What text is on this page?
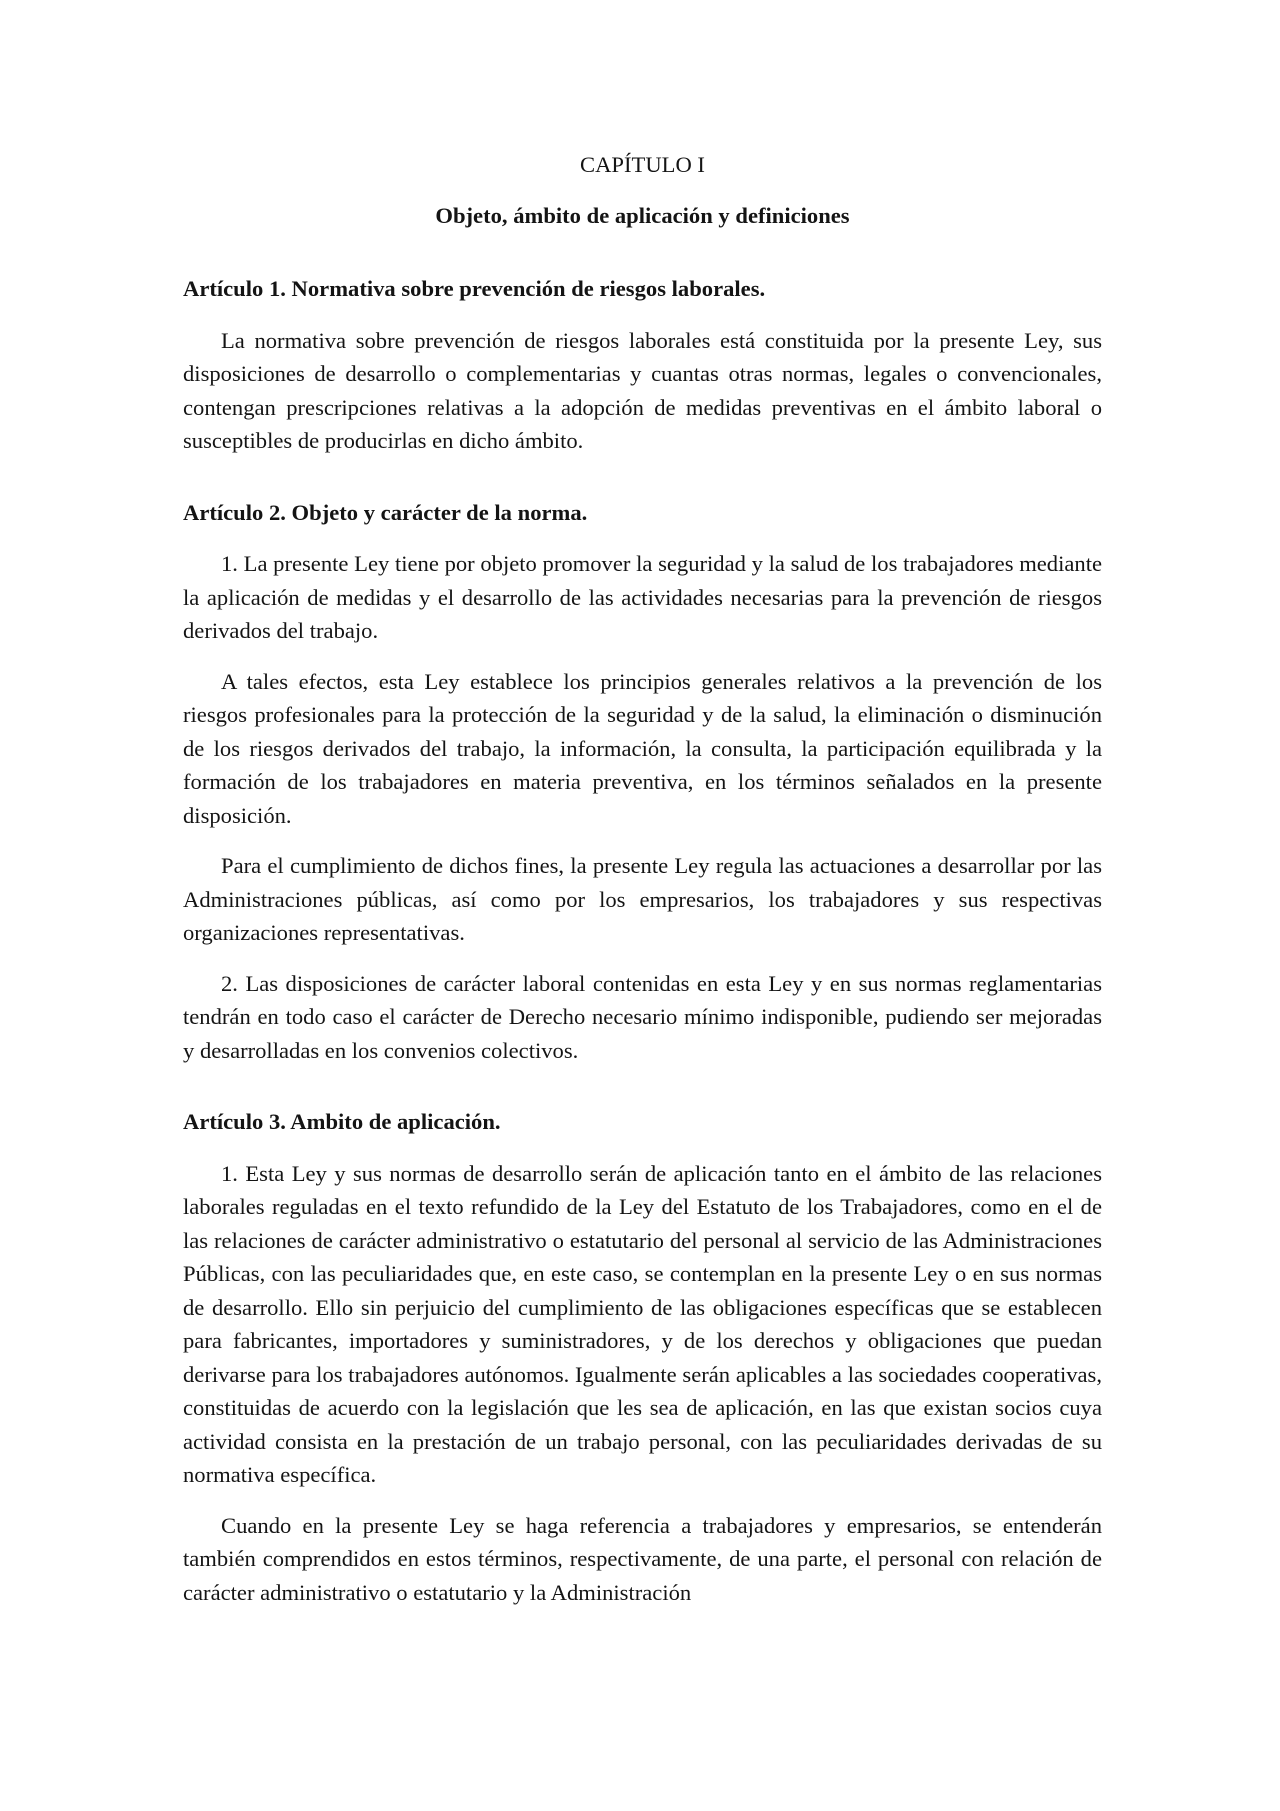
CAPÍTULO I
Objeto, ámbito de aplicación y definiciones
Artículo 1. Normativa sobre prevención de riesgos laborales.

La normativa sobre prevención de riesgos laborales está constituida por la presente Ley, sus disposiciones de desarrollo o complementarias y cuantas otras normas, legales o convencionales, contengan prescripciones relativas a la adopción de medidas preventivas en el ámbito laboral o susceptibles de producirlas en dicho ámbito.

Artículo 2. Objeto y carácter de la norma.

1. La presente Ley tiene por objeto promover la seguridad y la salud de los trabajadores mediante la aplicación de medidas y el desarrollo de las actividades necesarias para la prevención de riesgos derivados del trabajo.

A tales efectos, esta Ley establece los principios generales relativos a la prevención de los riesgos profesionales para la protección de la seguridad y de la salud, la eliminación o disminución de los riesgos derivados del trabajo, la información, la consulta, la participación equilibrada y la formación de los trabajadores en materia preventiva, en los términos señalados en la presente disposición.

Para el cumplimiento de dichos fines, la presente Ley regula las actuaciones a desarrollar por las Administraciones públicas, así como por los empresarios, los trabajadores y sus respectivas organizaciones representativas.

2. Las disposiciones de carácter laboral contenidas en esta Ley y en sus normas reglamentarias tendrán en todo caso el carácter de Derecho necesario mínimo indisponible, pudiendo ser mejoradas y desarrolladas en los convenios colectivos.

Artículo 3. Ambito de aplicación.

1. Esta Ley y sus normas de desarrollo serán de aplicación tanto en el ámbito de las relaciones laborales reguladas en el texto refundido de la Ley del Estatuto de los Trabajadores, como en el de las relaciones de carácter administrativo o estatutario del personal al servicio de las Administraciones Públicas, con las peculiaridades que, en este caso, se contemplan en la presente Ley o en sus normas de desarrollo. Ello sin perjuicio del cumplimiento de las obligaciones específicas que se establecen para fabricantes, importadores y suministradores, y de los derechos y obligaciones que puedan derivarse para los trabajadores autónomos. Igualmente serán aplicables a las sociedades cooperativas, constituidas de acuerdo con la legislación que les sea de aplicación, en las que existan socios cuya actividad consista en la prestación de un trabajo personal, con las peculiaridades derivadas de su normativa específica.

Cuando en la presente Ley se haga referencia a trabajadores y empresarios, se entenderán también comprendidos en estos términos, respectivamente, de una parte, el personal con relación de carácter administrativo o estatutario y la Administración
